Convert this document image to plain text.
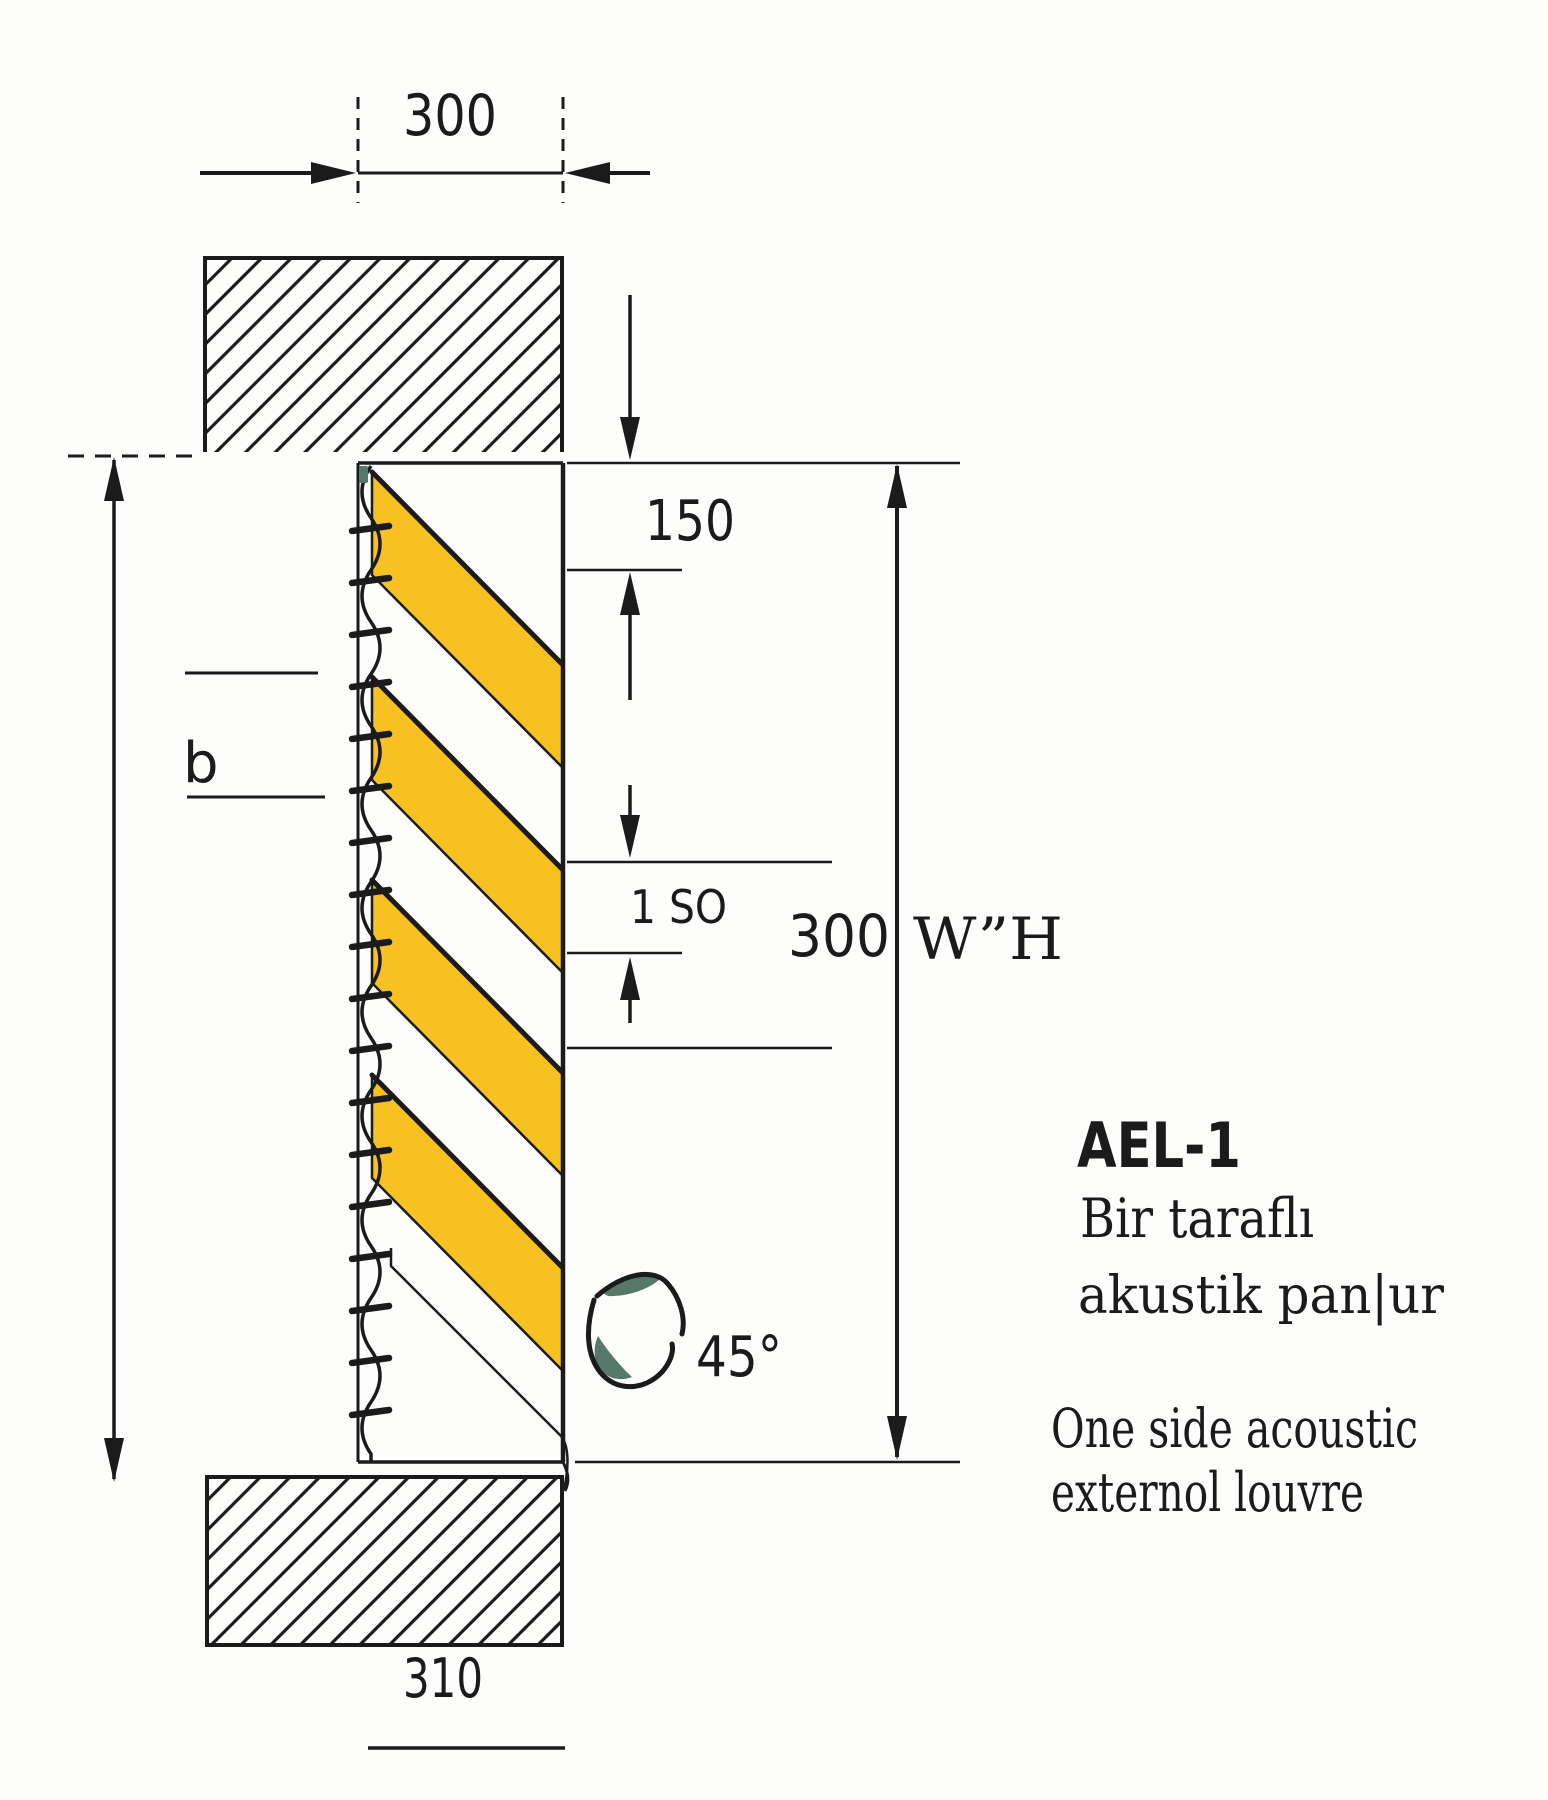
300
b
150
1 SO 300 W”H
45°
310
AEL-1
Bir taraflı
akustik pan|ur
One side acoustic
externol louvre
